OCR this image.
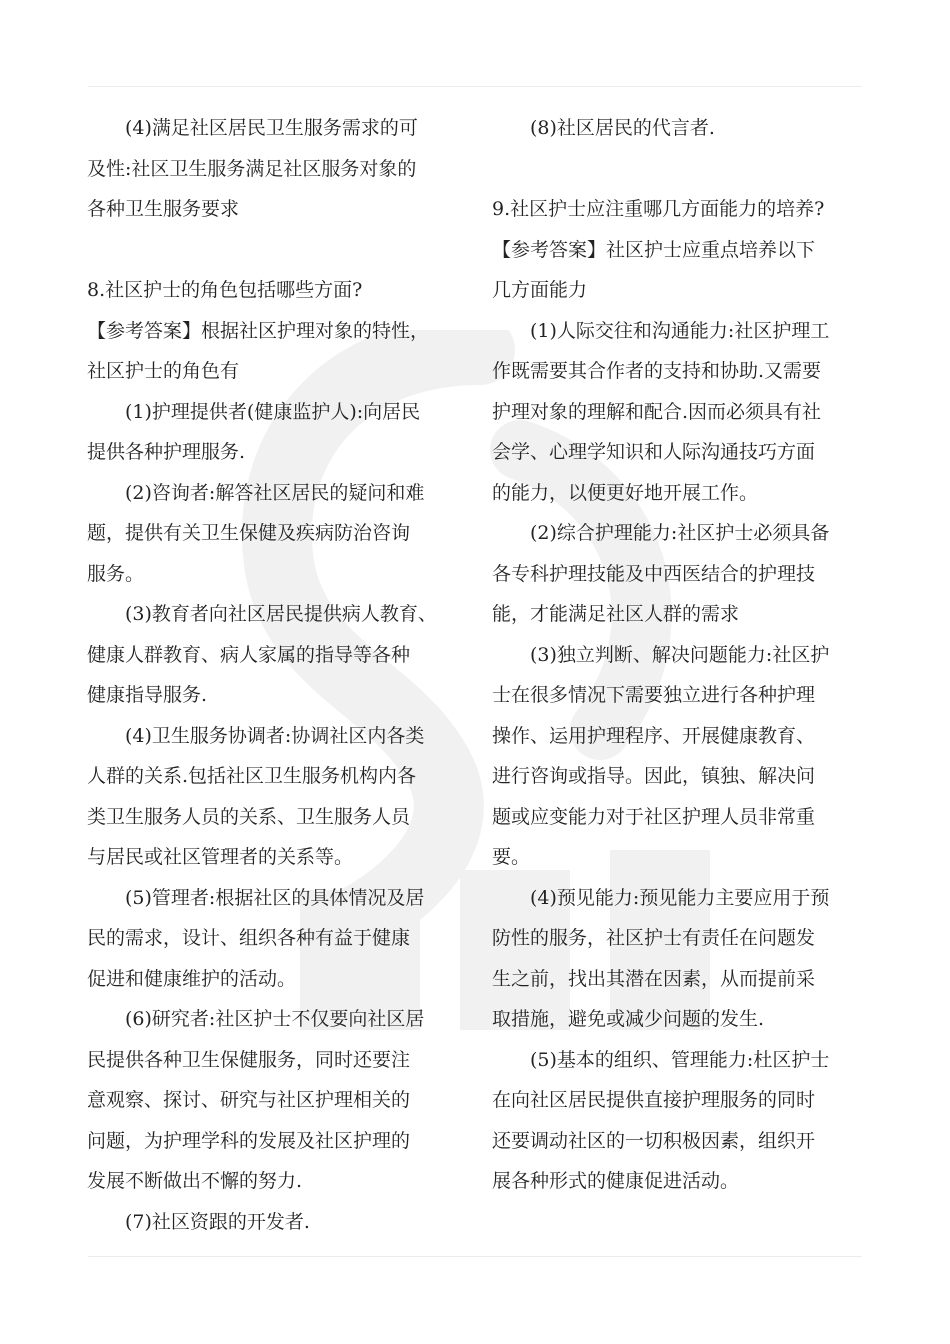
(4)满足社区居民卫生服务需求的可
及性:社区卫生服务满足社区服务对象的
各种卫生服务要求
8.社区护士的角色包括哪些方面?
【参考答案】根据社区护理对象的特性，
社区护士的角色有
(1)护理提供者(健康监护人):向居民
提供各种护理服务.
(2)咨询者:解答社区居民的疑问和难
题，提供有关卫生保健及疾病防治咨询
服务。
(3)教育者向社区居民提供病人教育、
健康人群教育、病人家属的指导等各种
健康指导服务.
(4)卫生服务协调者:协调社区内各类
人群的关系.包括社区卫生服务机构内各
类卫生服务人员的关系、卫生服务人员
与居民或社区管理者的关系等。
(5)管理者:根据社区的具体情况及居
民的需求，设计、组织各种有益于健康
促进和健康维护的活动。
(6)研究者:社区护士不仅要向社区居
民提供各种卫生保健服务，同时还要注
意观察、探讨、研究与社区护理相关的
问题，为护理学科的发展及社区护理的
发展不断做出不懈的努力.
(7)社区资跟的开发者.
(8)社区居民的代言者.
9.社区护士应注重哪几方面能力的培养?
【参考答案】社区护士应重点培养以下
几方面能力
(1)人际交往和沟通能力:社区护理工
作既需要其合作者的支持和协助.又需要
护理对象的理解和配合.因而必须具有社
会学、心理学知识和人际沟通技巧方面
的能力，以便更好地开展工作。
(2)综合护理能力:社区护士必须具备
各专科护理技能及中西医结合的护理技
能，才能满足社区人群的需求
(3)独立判断、解决问题能力:社区护
士在很多情况下需要独立进行各种护理
操作、运用护理程序、开展健康教育、
进行咨询或指导。因此，镇独、解决问
题或应变能力对于社区护理人员非常重
要。
(4)预见能力:预见能力主要应用于预
防性的服务，社区护士有责任在问题发
生之前，找出其潜在因素，从而提前采
取措施，避免或减少问题的发生.
(5)基本的组织、管理能力:杜区护士
在向社区居民提供直接护理服务的同时
还要调动社区的一切积极因素，组织开
展各种形式的健康促进活动。
